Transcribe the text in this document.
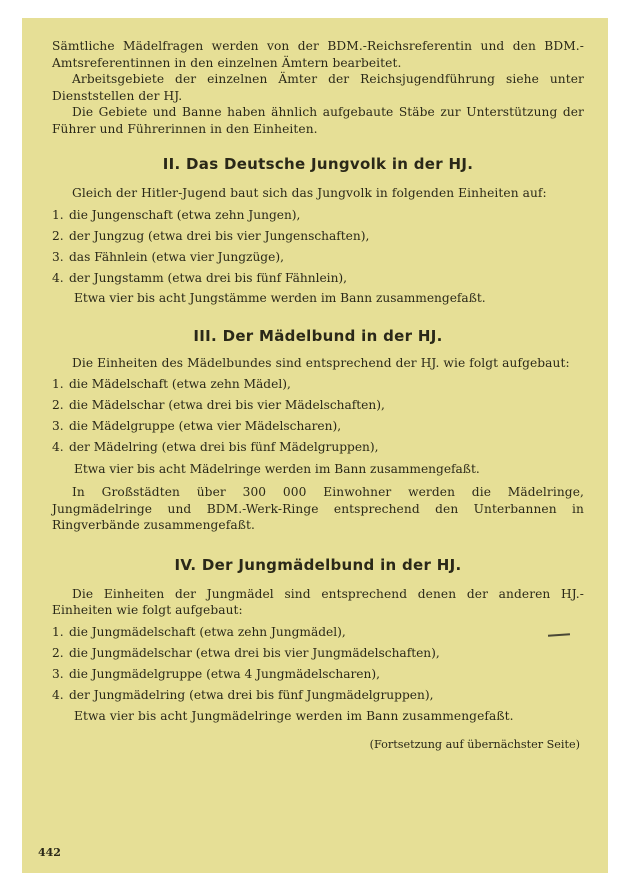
Sämtliche Mädelfragen werden von der BDM.-Reichsreferentin und den BDM.-Amtsreferentinnen in den einzelnen Ämtern bearbeitet.

Arbeitsgebiete der einzelnen Ämter der Reichsjugendführung siehe unter Dienststellen der HJ.

Die Gebiete und Banne haben ähnlich aufgebaute Stäbe zur Unterstützung der Führer und Führerinnen in den Einheiten.

II. Das Deutsche Jungvolk in der HJ.

Gleich der Hitler-Jugend baut sich das Jungvolk in folgenden Einheiten auf:

1. die Jungenschaft (etwa zehn Jungen),
2. der Jungzug (etwa drei bis vier Jungenschaften),
3. das Fähnlein (etwa vier Jungzüge),
4. der Jungstamm (etwa drei bis fünf Fähnlein),

Etwa vier bis acht Jungstämme werden im Bann zusammengefaßt.

III. Der Mädelbund in der HJ.

Die Einheiten des Mädelbundes sind entsprechend der HJ. wie folgt aufgebaut:

1. die Mädelschaft (etwa zehn Mädel),
2. die Mädelschar (etwa drei bis vier Mädelschaften),
3. die Mädelgruppe (etwa vier Mädelscharen),
4. der Mädelring (etwa drei bis fünf Mädelgruppen),

Etwa vier bis acht Mädelringe werden im Bann zusammengefaßt.

In Großstädten über 300 000 Einwohner werden die Mädelringe, Jungmädelringe und BDM.-Werk-Ringe entsprechend den Unterbannen in Ringverbände zusammengefaßt.

IV. Der Jungmädelbund in der HJ.

Die Einheiten der Jungmädel sind entsprechend denen der anderen HJ.-Einheiten wie folgt aufgebaut:

1. die Jungmädelschaft (etwa zehn Jungmädel),
2. die Jungmädelschar (etwa drei bis vier Jungmädelschaften),
3. die Jungmädelgruppe (etwa 4 Jungmädelscharen),
4. der Jungmädelring (etwa drei bis fünf Jungmädelgruppen),

Etwa vier bis acht Jungmädelringe werden im Bann zusammengefaßt.

(Fortsetzung auf übernächster Seite)

442
